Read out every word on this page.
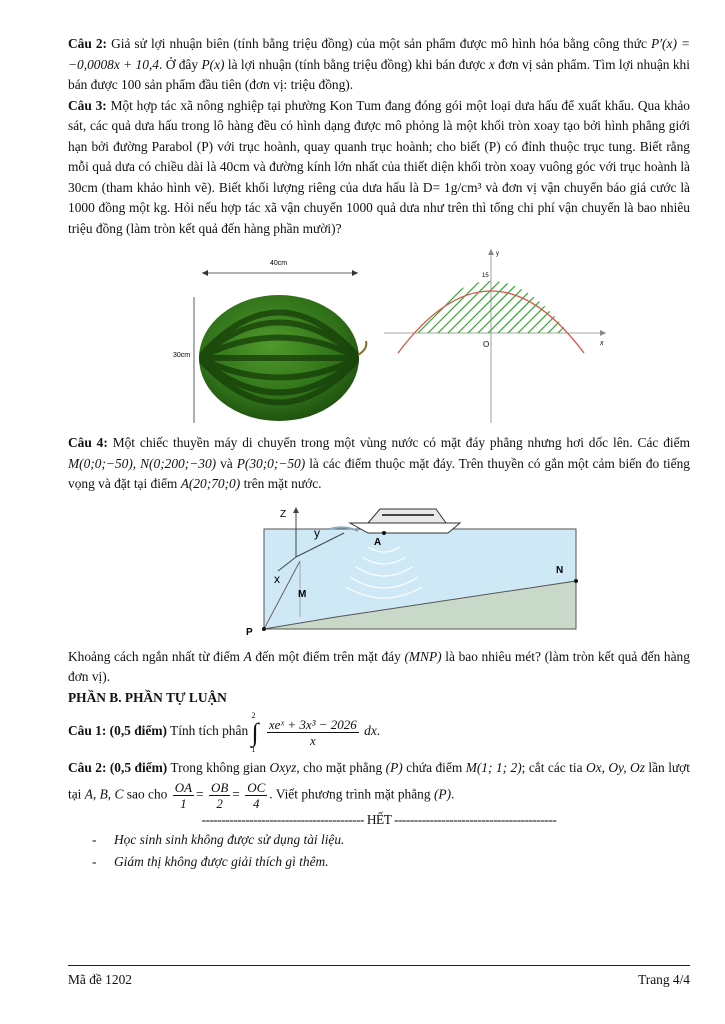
Câu 2: Giả sử lợi nhuận biên (tính bằng triệu đồng) của một sản phẩm được mô hình hóa bằng công thức P′(x) = −0,0008x + 10,4. Ở đây P(x) là lợi nhuận (tính bằng triệu đồng) khi bán được x đơn vị sản phẩm. Tìm lợi nhuận khi bán được 100 sản phẩm đầu tiên (đơn vị: triệu đồng).

Câu 3: Một hợp tác xã nông nghiệp tại phường Kon Tum đang đóng gói một loại dưa hấu để xuất khẩu. Qua khảo sát, các quả dưa hấu trong lô hàng đều có hình dạng được mô phỏng là một khối tròn xoay tạo bởi hình phẳng giới hạn bởi đường Parabol (P) với trục hoành, quay quanh trục hoành; cho biết (P) có đỉnh thuộc trục tung. Biết rằng mỗi quả dưa có chiều dài là 40cm và đường kính lớn nhất của thiết diện khối tròn xoay vuông góc với trục hoành là 30cm (tham khảo hình vẽ). Biết khối lượng riêng của dưa hấu là D= 1g/cm³ và đơn vị vận chuyển báo giá cước là 1000 đồng một kg. Hỏi nếu hợp tác xã vận chuyển 1000 quả dưa như trên thì tổng chi phí vận chuyển là bao nhiêu triệu đồng (làm tròn kết quả đến hàng phần mười)?

40cm
30cm
y
x
15
O

Câu 4: Một chiếc thuyền máy di chuyển trong một vùng nước có mặt đáy phẳng nhưng hơi dốc lên. Các điểm M(0;0;−50), N(0;200;−30) và P(30;0;−50) là các điểm thuộc mặt đáy. Trên thuyền có gắn một cảm biến đo tiếng vọng và đặt tại điểm A(20;70;0) trên mặt nước.

Z
y
x
A
N
M
P

Khoảng cách ngắn nhất từ điểm A đến một điểm trên mặt đáy (MNP) là bao nhiêu mét? (làm tròn kết quả đến hàng đơn vị).

PHẦN B. PHẦN TỰ LUẬN

Câu 1: (0,5 điểm) Tính tích phân
2
∫
1

$\frac{\text{xeˣ + 3x³ − 2026}}{x}$ dx.

Câu 2: (0,5 điểm) Trong không gian Oxyz, cho mặt phẳng (P) chứa điểm M(1; 1; 2); cắt các tia Ox, Oy, Oz lần lượt tại A, B, C sao cho $\frac{OA}{1} = \frac{OB}{2} = \frac{OC}{4}$ . Viết phương trình mặt phẳng (P).

----------------------------------------- HẾT -----------------------------------------
- Học sinh sinh không được sử dụng tài liệu.
- Giám thị không được giải thích gì thêm.
Mã đề 1202	Trang 4/4
